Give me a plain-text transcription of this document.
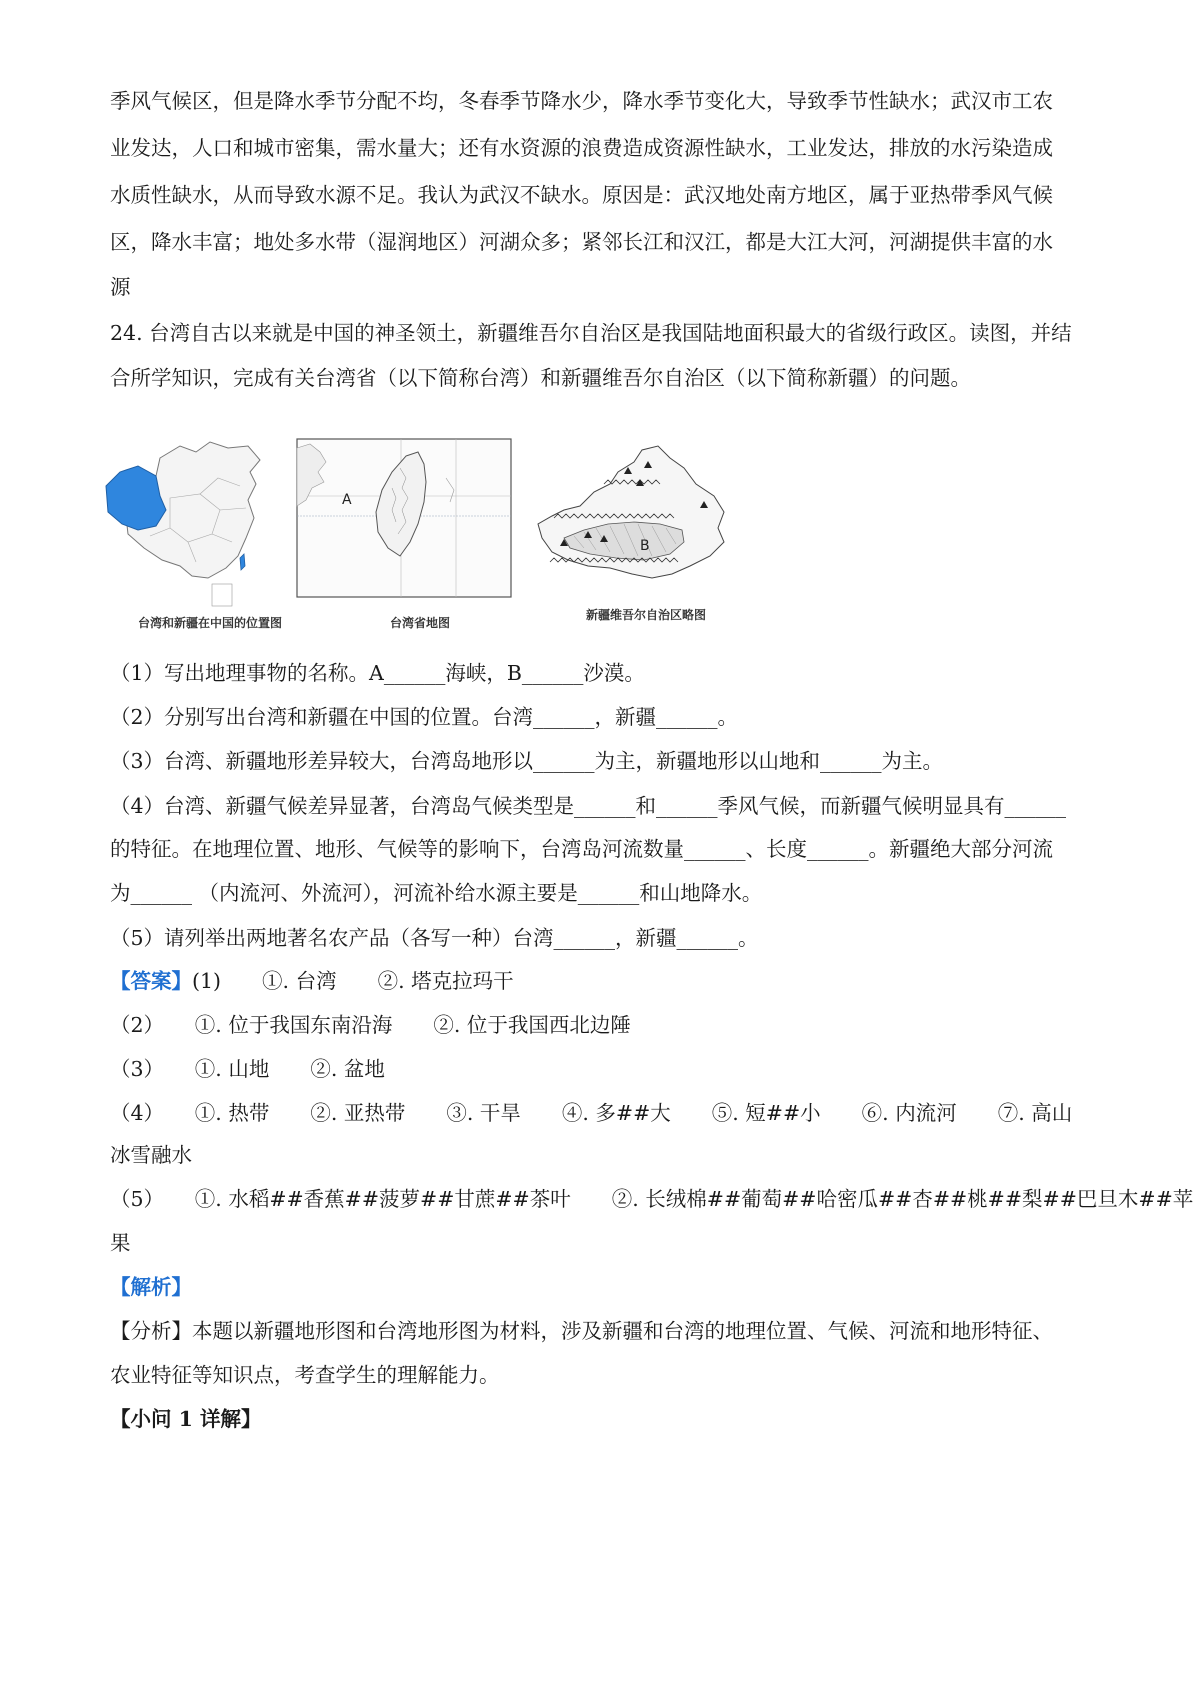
季风气候区，但是降水季节分配不均，冬春季节降水少，降水季节变化大，导致季节性缺水；武汉市工农
业发达，人口和城市密集，需水量大；还有水资源的浪费造成资源性缺水，工业发达，排放的水污染造成
水质性缺水，从而导致水源不足。我认为武汉不缺水。原因是：武汉地处南方地区，属于亚热带季风气候
区，降水丰富；地处多水带（湿润地区）河湖众多；紧邻长江和汉江，都是大江大河，河湖提供丰富的水
源
24. 台湾自古以来就是中国的神圣领土，新疆维吾尔自治区是我国陆地面积最大的省级行政区。读图，并结
合所学知识，完成有关台湾省（以下简称台湾）和新疆维吾尔自治区（以下简称新疆）的问题。
台湾和新疆在中国的位置图
A
台湾省地图
B
新疆维吾尔自治区略图
（1）写出地理事物的名称。A______海峡，B______沙漠。
（2）分别写出台湾和新疆在中国的位置。台湾______，新疆______。
（3）台湾、新疆地形差异较大，台湾岛地形以______为主，新疆地形以山地和______为主。
（4）台湾、新疆气候差异显著，台湾岛气候类型是______和______季风气候，而新疆气候明显具有______
的特征。在地理位置、地形、气候等的影响下，台湾岛河流数量______、长度______。新疆绝大部分河流
为______ （内流河、外流河），河流补给水源主要是______和山地降水。
（5）请列举出两地著名农产品（各写一种）台湾______，新疆______。
【答案】(1)　　①. 台湾　　②. 塔克拉玛干
（2）　　①. 位于我国东南沿海　　②. 位于我国西北边陲
（3）　　①. 山地　　②. 盆地
（4）　　①. 热带　　②. 亚热带　　③. 干旱　　④. 多##大　　⑤. 短##小　　⑥. 内流河　　⑦. 高山
冰雪融水
（5）　　①. 水稻##香蕉##菠萝##甘蔗##茶叶　　②. 长绒棉##葡萄##哈密瓜##杏##桃##梨##巴旦木##苹
果
【解析】
【分析】本题以新疆地形图和台湾地形图为材料，涉及新疆和台湾的地理位置、气候、河流和地形特征、
农业特征等知识点，考查学生的理解能力。
【小问 1 详解】
